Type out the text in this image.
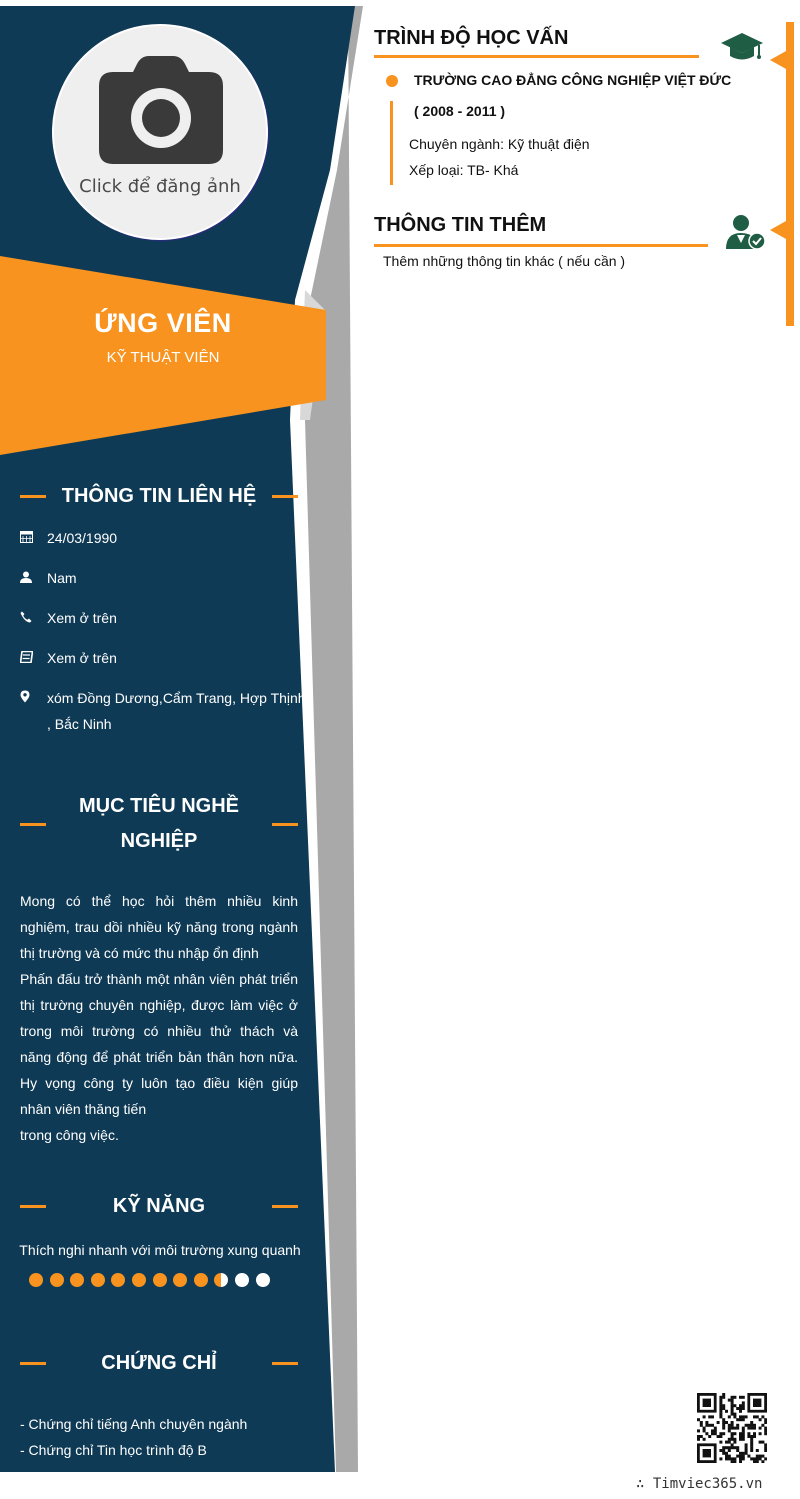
Click để đăng ảnh
ỨNG VIÊN
KỸ THUẬT VIÊN
THÔNG TIN LIÊN HỆ
24/03/1990
Nam
Xem ở trên
Xem ở trên
xóm Đồng Dương,Cẩm Trang, Hợp Thịnh , Bắc Ninh
MỤC TIÊU NGHỀ NGHIỆP

Mong có thể học hỏi thêm nhiều kinh nghiệm, trau dồi nhiều kỹ năng trong ngành thị trường và có mức thu nhập ổn định

Phấn đấu trở thành một nhân viên phát triển thị trường chuyên nghiệp, được làm việc ở trong môi trường có nhiều thử thách và năng động để phát triển bản thân hơn nữa. Hy vọng công ty luôn tạo điều kiện giúp nhân viên thăng tiến

trong công việc.

KỸ NĂNG
Thích nghi nhanh với môi trường xung quanh
CHỨNG CHỈ
- Chứng chỉ tiếng Anh chuyên ngành
- Chứng chỉ Tin học trình độ B
TRÌNH ĐỘ HỌC VẤN
TRƯỜNG CAO ĐẲNG CÔNG NGHIỆP VIỆT ĐỨC
( 2008 - 2011 )
Chuyên ngành: Kỹ thuật điện
Xếp loại: TB- Khá
THÔNG TIN THÊM
Thêm những thông tin khác ( nếu cần )
∴ Timviec365.vn
